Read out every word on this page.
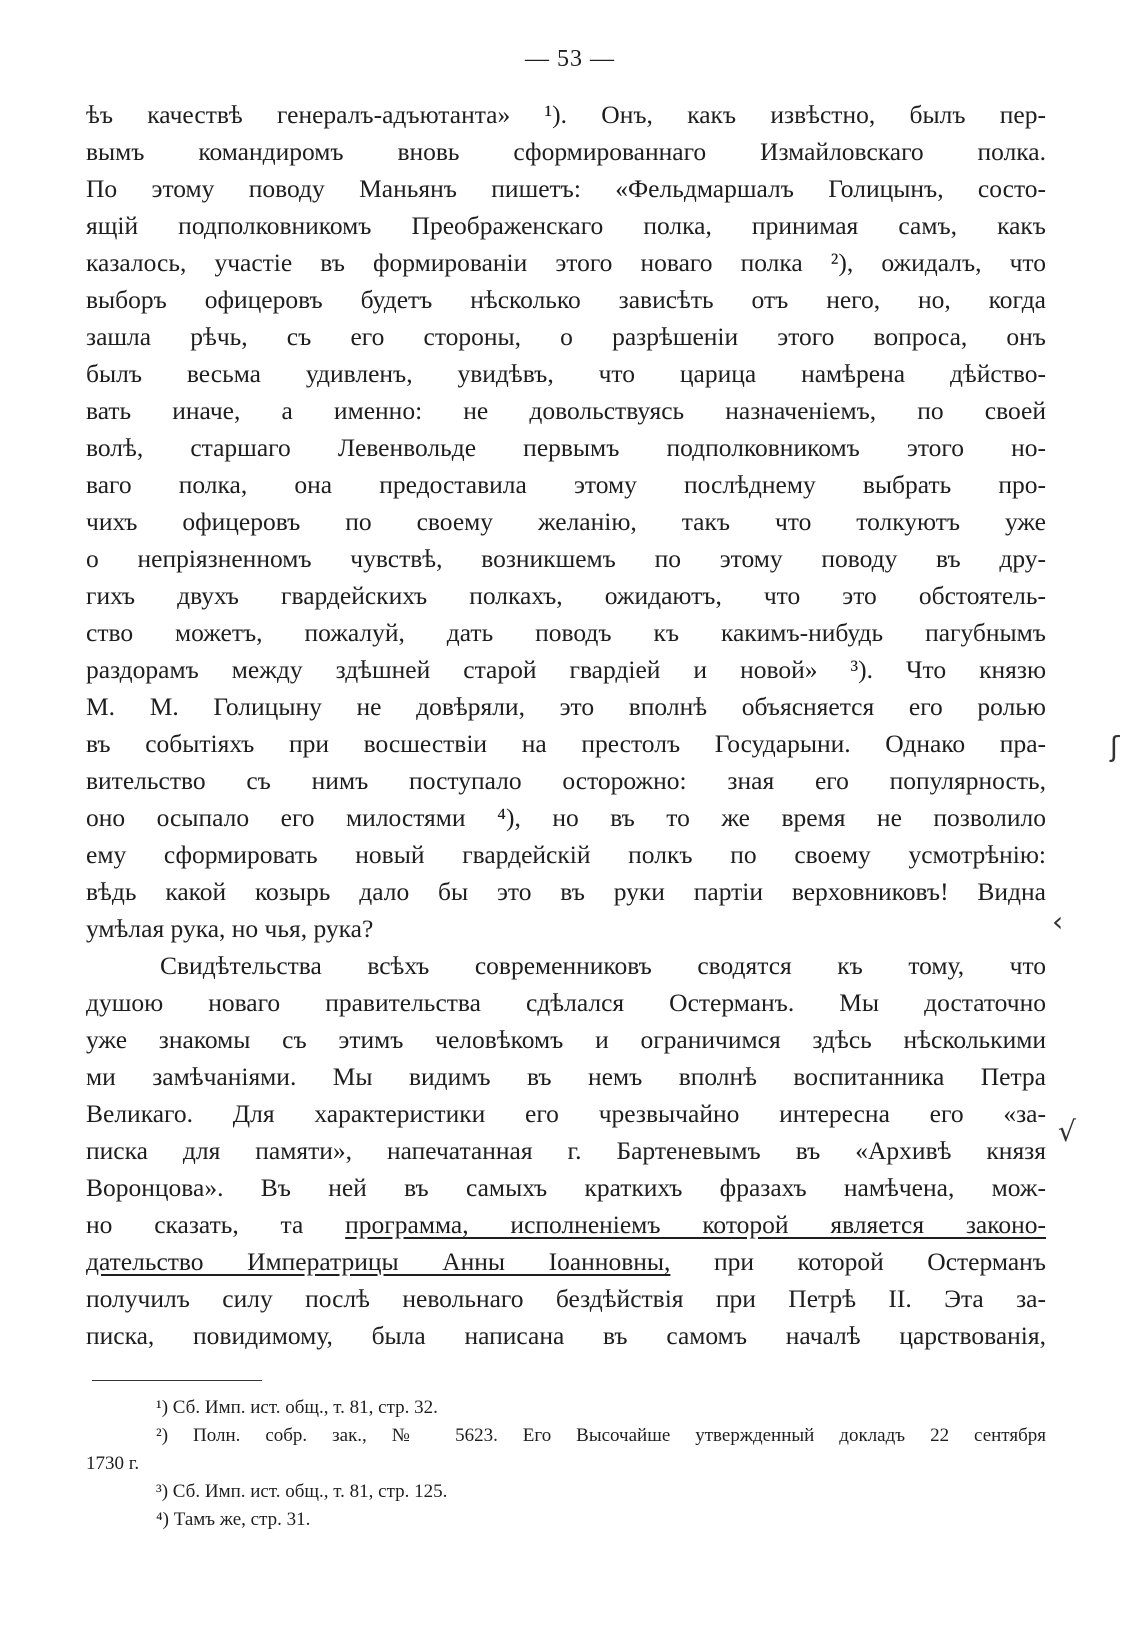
— 53 —
ѣъ качествѣ генералъ-адъютанта» ¹). Онъ, какъ извѣстно, былъ пер-
вымъ командиромъ вновь сформированнаго Измайловскаго полка.
По этому поводу Маньянъ пишетъ: «Фельдмаршалъ Голицынъ, состо-
ящій подполковникомъ Преображенскаго полка, принимая самъ, какъ
казалось, участіе въ формированіи этого новаго полка ²), ожидалъ, что
выборъ офицеровъ будетъ нѣсколько зависѣть отъ него, но, когда
зашла рѣчь, съ его стороны, о разрѣшеніи этого вопроса, онъ
былъ весьма удивленъ, увидѣвъ, что царица намѣрена дѣйство-
вать иначе, а именно: не довольствуясь назначеніемъ, по своей
волѣ, старшаго Левенвольде первымъ подполковникомъ этого но-
ваго полка, она предоставила этому послѣднему выбрать про-
чихъ офицеровъ по своему желанію, такъ что толкуютъ уже
о непріязненномъ чувствѣ, возникшемъ по этому поводу въ дру-
гихъ двухъ гвардейскихъ полкахъ, ожидаютъ, что это обстоятель-
ство можетъ, пожалуй, дать поводъ къ какимъ-нибудь пагубнымъ
раздорамъ между здѣшней старой гвардіей и новой» ³). Что князю
М. М. Голицыну не довѣряли, это вполнѣ объясняется его ролью
въ событіяхъ при восшествіи на престолъ Государыни. Однако пра-
вительство съ нимъ поступало осторожно: зная его популярность,
оно осыпало его милостями ⁴), но въ то же время не позволило
ему сформировать новый гвардейскій полкъ по своему усмотрѣнію:
вѣдь какой козырь дало бы это въ руки партіи верховниковъ! Видна
умѣлая рука, но чья, рука?
Свидѣтельства всѣхъ современниковъ сводятся къ тому, что
душою новаго правительства сдѣлался Остерманъ. Мы достаточно
уже знакомы съ этимъ человѣкомъ и ограничимся здѣсь нѣсколькими
ми замѣчаніями. Мы видимъ въ немъ вполнѣ воспитанника Петра
Великаго. Для характеристики его чрезвычайно интересна его «за-
писка для памяти», напечатанная г. Бартеневымъ въ «Архивѣ князя
Воронцова». Въ ней въ самыхъ краткихъ фразахъ намѣчена, мож-
но сказать, та программа, исполненіемъ которой является законо-
дательство Императрицы Анны Іоанновны, при которой Остерманъ
получилъ силу послѣ невольнаго бездѣйствія при Петрѣ II. Эта за-
писка, повидимому, была написана въ самомъ началѣ царствованія,
¹) Сб. Имп. ист. общ., т. 81, стр. 32.
²) Полн. собр. зак., № 5623. Его Высочайше утвержденный докладъ 22 сентября
1730 г.
³) Сб. Имп. ист. общ., т. 81, стр. 125.
⁴) Тамъ же, стр. 31.
ʃ
‹
√
